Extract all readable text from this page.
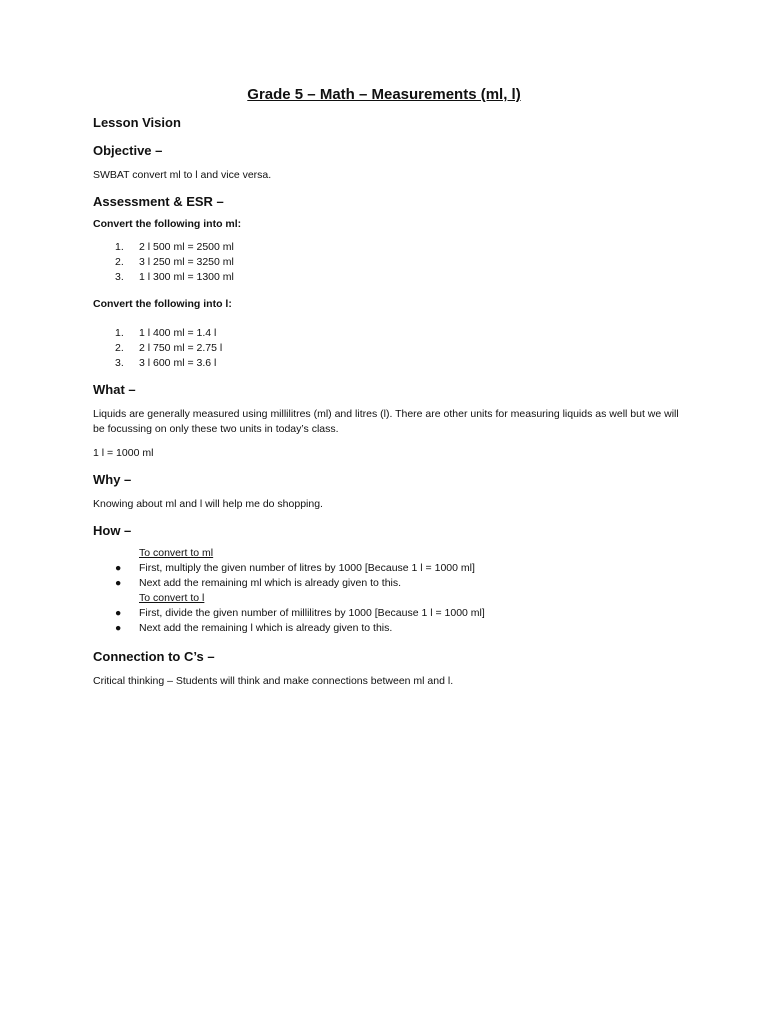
Grade 5 – Math – Measurements (ml, l)
Lesson Vision
Objective –
SWBAT convert ml to l and vice versa.
Assessment & ESR –
Convert the following into ml:
1.	2 l 500 ml = 2500 ml
2.	3 l 250 ml = 3250 ml
3.	1 l 300 ml = 1300 ml
Convert the following into l:
1.	1 l 400 ml = 1.4 l
2.	2 l 750 ml = 2.75 l
3.	3 l 600 ml = 3.6 l
What –
Liquids are generally measured using millilitres (ml) and litres (l). There are other units for measuring liquids as well but we will be focussing on only these two units in today’s class.
1 l = 1000 ml
Why –
Knowing about ml and l will help me do shopping.
How –
To convert to ml
●	First, multiply the given number of litres by 1000 [Because 1 l = 1000 ml]
●	Next add the remaining ml which is already given to this.
To convert to l
●	First, divide the given number of millilitres by 1000 [Because 1 l = 1000 ml]
●	Next add the remaining l which is already given to this.
Connection to C’s –
Critical thinking – Students will think and make connections between ml and l.
